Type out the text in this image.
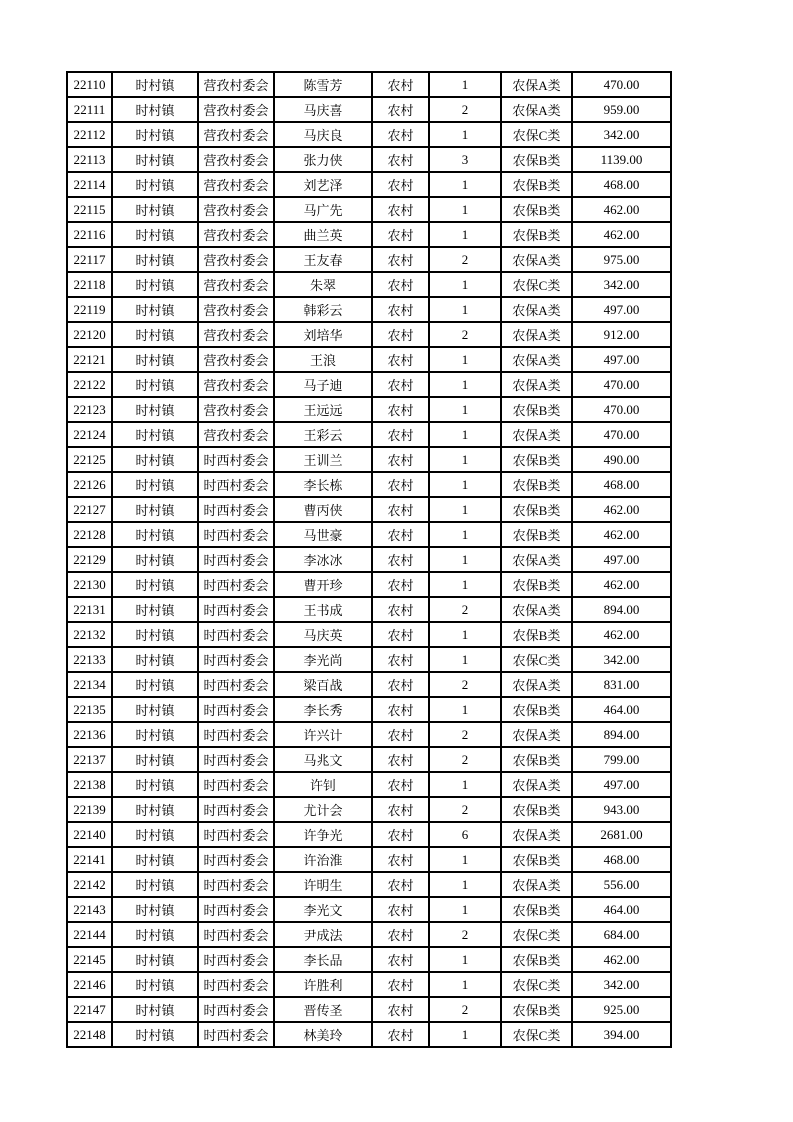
22110	时村镇	营孜村委会	陈雪芳	农村	1	农保A类	470.00
22111	时村镇	营孜村委会	马庆喜	农村	2	农保A类	959.00
22112	时村镇	营孜村委会	马庆良	农村	1	农保C类	342.00
22113	时村镇	营孜村委会	张力侠	农村	3	农保B类	1139.00
22114	时村镇	营孜村委会	刘艺泽	农村	1	农保B类	468.00
22115	时村镇	营孜村委会	马广先	农村	1	农保B类	462.00
22116	时村镇	营孜村委会	曲兰英	农村	1	农保B类	462.00
22117	时村镇	营孜村委会	王友春	农村	2	农保A类	975.00
22118	时村镇	营孜村委会	朱翠	农村	1	农保C类	342.00
22119	时村镇	营孜村委会	韩彩云	农村	1	农保A类	497.00
22120	时村镇	营孜村委会	刘培华	农村	2	农保A类	912.00
22121	时村镇	营孜村委会	王浪	农村	1	农保A类	497.00
22122	时村镇	营孜村委会	马子迪	农村	1	农保A类	470.00
22123	时村镇	营孜村委会	王远远	农村	1	农保B类	470.00
22124	时村镇	营孜村委会	王彩云	农村	1	农保A类	470.00
22125	时村镇	时西村委会	王训兰	农村	1	农保B类	490.00
22126	时村镇	时西村委会	李长栋	农村	1	农保B类	468.00
22127	时村镇	时西村委会	曹丙侠	农村	1	农保B类	462.00
22128	时村镇	时西村委会	马世豪	农村	1	农保B类	462.00
22129	时村镇	时西村委会	李冰冰	农村	1	农保A类	497.00
22130	时村镇	时西村委会	曹开珍	农村	1	农保B类	462.00
22131	时村镇	时西村委会	王书成	农村	2	农保A类	894.00
22132	时村镇	时西村委会	马庆英	农村	1	农保B类	462.00
22133	时村镇	时西村委会	李光尚	农村	1	农保C类	342.00
22134	时村镇	时西村委会	梁百战	农村	2	农保A类	831.00
22135	时村镇	时西村委会	李长秀	农村	1	农保B类	464.00
22136	时村镇	时西村委会	许兴计	农村	2	农保A类	894.00
22137	时村镇	时西村委会	马兆文	农村	2	农保B类	799.00
22138	时村镇	时西村委会	许钊	农村	1	农保A类	497.00
22139	时村镇	时西村委会	尤计会	农村	2	农保B类	943.00
22140	时村镇	时西村委会	许争光	农村	6	农保A类	2681.00
22141	时村镇	时西村委会	许治淮	农村	1	农保B类	468.00
22142	时村镇	时西村委会	许明生	农村	1	农保A类	556.00
22143	时村镇	时西村委会	李光文	农村	1	农保B类	464.00
22144	时村镇	时西村委会	尹成法	农村	2	农保C类	684.00
22145	时村镇	时西村委会	李长品	农村	1	农保B类	462.00
22146	时村镇	时西村委会	许胜利	农村	1	农保C类	342.00
22147	时村镇	时西村委会	晋传圣	农村	2	农保B类	925.00
22148	时村镇	时西村委会	林美玲	农村	1	农保C类	394.00
